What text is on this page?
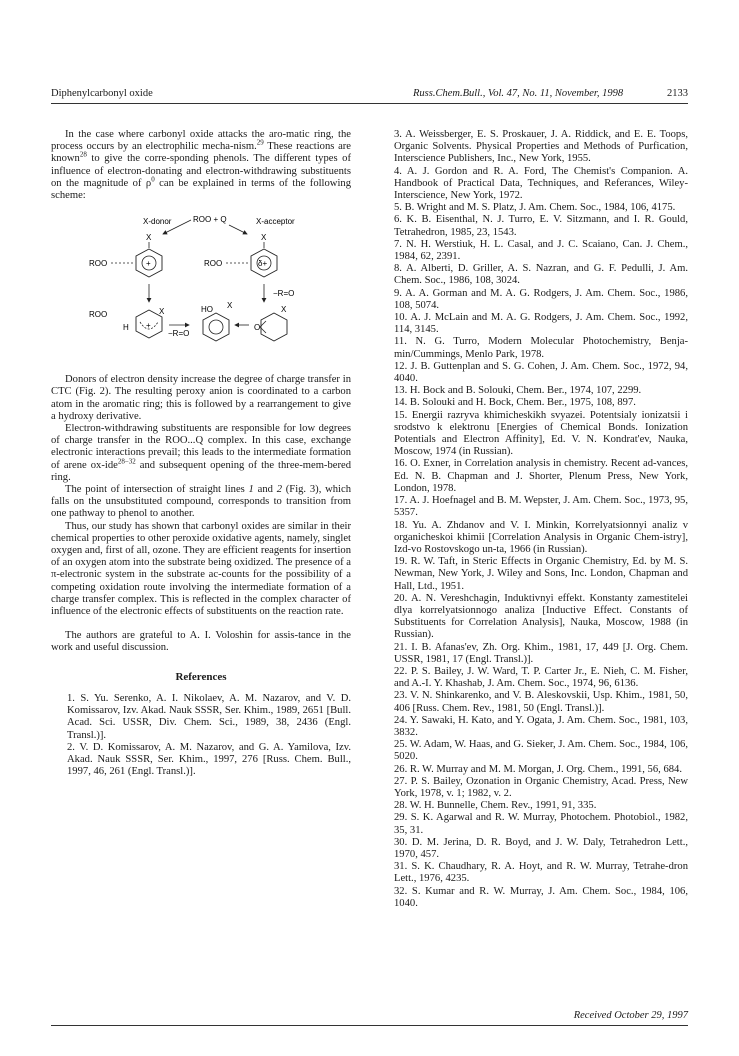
Diphenylcarbonyl oxide	Russ.Chem.Bull., Vol. 47, No. 11, November, 1998	2133

In the case where carbonyl oxide attacks the aro-matic ring, the process occurs by an electrophilic mecha-nism.$^{29}$ These reactions are known$^{28}$ to give the corre-sponding phenols. The different types of influence of electron-donating and electron-withdrawing substituents on the magnitude of $\rho^0$ can be explained in terms of the following scheme:

X-donor	ROO + Q	X-acceptor
X
+
ROO
X
δ+
ROO
−R=O
ROO	X
+
H
−R=O
HO X
O
X

Donors of electron density increase the degree of charge transfer in CTC (Fig. 2). The resulting peroxy anion is coordinated to a carbon atom in the aromatic ring; this is followed by a rearrangement to give a hydroxy derivative.

Electron-withdrawing substituents are responsible for low degrees of charge transfer in the ROO...Q complex. In this case, exchange electronic interactions prevail; this leads to the intermediate formation of arene ox-ide$^{28-32}$ and subsequent opening of the three-mem-bered ring.

The point of intersection of straight lines 1 and 2 (Fig. 3), which falls on the unsubstituted compound, corresponds to transition from one pathway to phenol to another.

Thus, our study has shown that carbonyl oxides are similar in their chemical properties to other peroxide oxidative agents, namely, singlet oxygen and, first of all, ozone. They are efficient reagents for insertion of an oxygen atom into the substrate being oxidized. The presence of a π-electronic system in the substrate ac-counts for the possibility of a competing oxidation route involving the intermediate formation of a charge transfer complex. This is reflected in the complex character of influence of the electronic effects of substituents on the reaction rate.

The authors are grateful to A. I. Voloshin for assis-tance in the work and useful discussion.

References
1. S. Yu. Serenko, A. I. Nikolaev, A. M. Nazarov, and V. D. Komissarov, Izv. Akad. Nauk SSSR, Ser. Khim., 1989, 2651 [Bull. Acad. Sci. USSR, Div. Chem. Sci., 1989, 38, 2436 (Engl. Transl.)].
2. V. D. Komissarov, A. M. Nazarov, and G. A. Yamilova, Izv. Akad. Nauk SSSR, Ser. Khim., 1997, 276 [Russ. Chem. Bull., 1997, 46, 261 (Engl. Transl.)].
3. A. Weissberger, E. S. Proskauer, J. A. Riddick, and E. E. Toops, Organic Solvents. Physical Properties and Methods of Purfication, Interscience Publishers, Inc., New York, 1955.
4. A. J. Gordon and R. A. Ford, The Chemist's Companion. A. Handbook of Practical Data, Techniques, and Referances, Wiley-Interscience, New York, 1972.
5. B. Wright and M. S. Platz, J. Am. Chem. Soc., 1984, 106, 4175.
6. K. B. Eisenthal, N. J. Turro, E. V. Sitzmann, and I. R. Gould, Tetrahedron, 1985, 23, 1543.
7. N. H. Werstiuk, H. L. Casal, and J. C. Scaiano, Can. J. Chem., 1984, 62, 2391.
8. A. Alberti, D. Griller, A. S. Nazran, and G. F. Pedulli, J. Am. Chem. Soc., 1986, 108, 3024.
9. A. A. Gorman and M. A. G. Rodgers, J. Am. Chem. Soc., 1986, 108, 5074.
10. A. J. McLain and M. A. G. Rodgers, J. Am. Chem. Soc., 1992, 114, 3145.
11. N. G. Turro, Modern Molecular Photochemistry, Benja-min/Cummings, Menlo Park, 1978.
12. J. B. Guttenplan and S. G. Cohen, J. Am. Chem. Soc., 1972, 94, 4040.
13. H. Bock and B. Solouki, Chem. Ber., 1974, 107, 2299.
14. B. Solouki and H. Bock, Chem. Ber., 1975, 108, 897.
15. Energii razryva khimicheskikh svyazei. Potentsialy ionizatsii i srodstvo k elektronu [Energies of Chemical Bonds. Ionization Potentials and Electron Affinity], Ed. V. N. Kondrat'ev, Nauka, Moscow, 1974 (in Russian).
16. O. Exner, in Correlation analysis in chemistry. Recent ad-vances, Ed. N. B. Chapman and J. Shorter, Plenum Press, New York, London, 1978.
17. A. J. Hoefnagel and B. M. Wepster, J. Am. Chem. Soc., 1973, 95, 5357.
18. Yu. A. Zhdanov and V. I. Minkin, Korrelyatsionnyi analiz v organicheskoi khimii [Correlation Analysis in Organic Chem-istry], Izd-vo Rostovskogo un-ta, 1966 (in Russian).
19. R. W. Taft, in Steric Effects in Organic Chemistry, Ed. by M. S. Newman, New York, J. Wiley and Sons, Inc. London, Chapman and Hall, Ltd., 1951.
20. A. N. Vereshchagin, Induktivnyi effekt. Konstanty zamestitelei dlya korrelyatsionnogo analiza [Inductive Effect. Constants of Substituents for Correlation Analysis], Nauka, Moscow, 1988 (in Russian).
21. I. B. Afanas'ev, Zh. Org. Khim., 1981, 17, 449 [J. Org. Chem. USSR, 1981, 17 (Engl. Transl.)].
22. P. S. Bailey, J. W. Ward, T. P. Carter Jr., E. Nieh, C. M. Fisher, and A.-I. Y. Khashab, J. Am. Chem. Soc., 1974, 96, 6136.
23. V. N. Shinkarenko, and V. B. Aleskovskii, Usp. Khim., 1981, 50, 406 [Russ. Chem. Rev., 1981, 50 (Engl. Transl.)].
24. Y. Sawaki, H. Kato, and Y. Ogata, J. Am. Chem. Soc., 1981, 103, 3832.
25. W. Adam, W. Haas, and G. Sieker, J. Am. Chem. Soc., 1984, 106, 5020.
26. R. W. Murray and M. M. Morgan, J. Org. Chem., 1991, 56, 684.
27. P. S. Bailey, Ozonation in Organic Chemistry, Acad. Press, New York, 1978, v. 1; 1982, v. 2.
28. W. H. Bunnelle, Chem. Rev., 1991, 91, 335.
29. S. K. Agarwal and R. W. Murray, Photochem. Photobiol., 1982, 35, 31.
30. D. M. Jerina, D. R. Boyd, and J. W. Daly, Tetrahedron Lett., 1970, 457.
31. S. K. Chaudhary, R. A. Hoyt, and R. W. Murray, Tetrahe-dron Lett., 1976, 4235.
32. S. Kumar and R. W. Murray, J. Am. Chem. Soc., 1984, 106, 1040.
Received October 29, 1997
